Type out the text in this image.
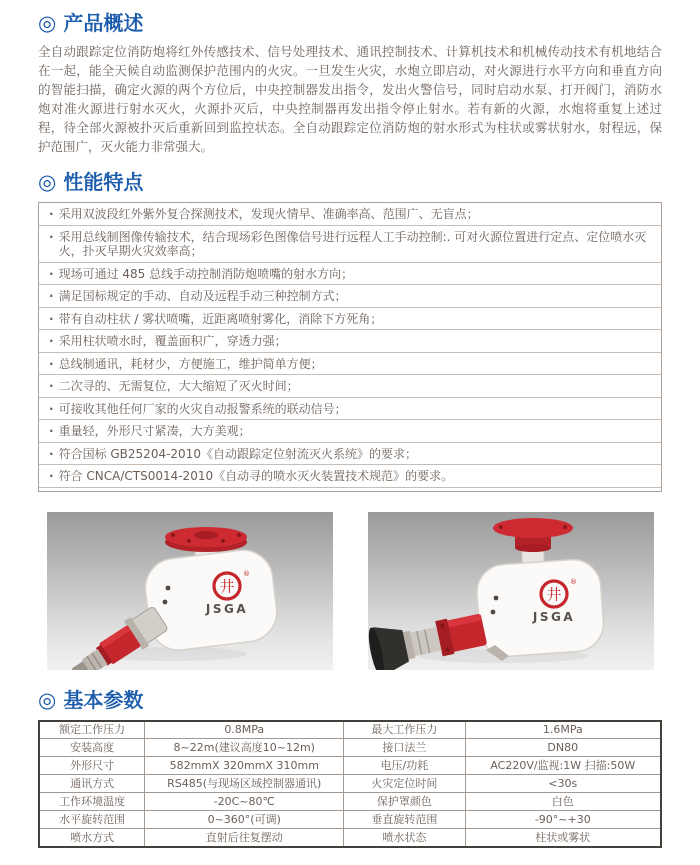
◎ 产品概述

全自动跟踪定位消防炮将红外传感技术、信号处理技术、通讯控制技术、计算机技术和机械传动技术有机地结合在一起，能全天候自动监测保护范围内的火灾。一旦发生火灾，水炮立即启动，对火源进行水平方向和垂直方向的智能扫描，确定火源的两个方位后，中央控制器发出指令，发出火警信号，同时启动水泵、打开阀门，消防水炮对准火源进行射水灭火，火源扑灭后，中央控制器再发出指令停止射水。若有新的火源，水炮将重复上述过程，待全部火源被扑灭后重新回到监控状态。全自动跟踪定位消防炮的射水形式为柱状或雾状射水，射程远，保护范围广，灭火能力非常强大。

◎ 性能特点
· 采用双波段红外紫外复合探测技术，发现火情早、准确率高、范围广、无盲点；
· 采用总线制图像传输技术，结合现场彩色图像信号进行远程人工手动控制:. 可对火源位置进行定点、定位喷水灭火，扑灭早期火灾效率高；
· 现场可通过 485 总线手动控制消防炮喷嘴的射水方向；
· 满足国标规定的手动、自动及远程手动三种控制方式；
· 带有自动柱状 / 雾状喷嘴，近距离喷射雾化，消除下方死角；
· 采用柱状喷水时，覆盖面积广，穿透力强；
· 总线制通讯，耗材少，方便施工，维护简单方便；
· 二次寻的、无需复位，大大缩短了灭火时间；
· 可接收其他任何厂家的火灾自动报警系统的联动信号；
· 重量轻，外形尺寸紧凑，大方美观；
· 符合国标 GB25204-2010《自动跟踪定位射流灭火系统》的要求；
· 符合 CNCA/CTS0014-2010《自动寻的喷水灭火装置技术规范》的要求。
井
®
JSGA
井
®
JSGA
◎ 基本参数
额定工作压力	0.8MPa	最大工作压力	1.6MPa
安装高度	8~22m(建议高度10~12m)	接口法兰	DN80
外形尺寸	582mmX 320mmX 310mm	电压/功耗	AC220V/监视:1W 扫描:50W
通讯方式	RS485(与现场区域控制器通讯)	火灾定位时间	<30s
工作环境温度	-20C~80℃	保护罩颜色	白色
水平旋转范围	0~360°(可调)	垂直旋转范围	-90°~+30
喷水方式	直射后往复摆动	喷水状态	柱状或雾状
